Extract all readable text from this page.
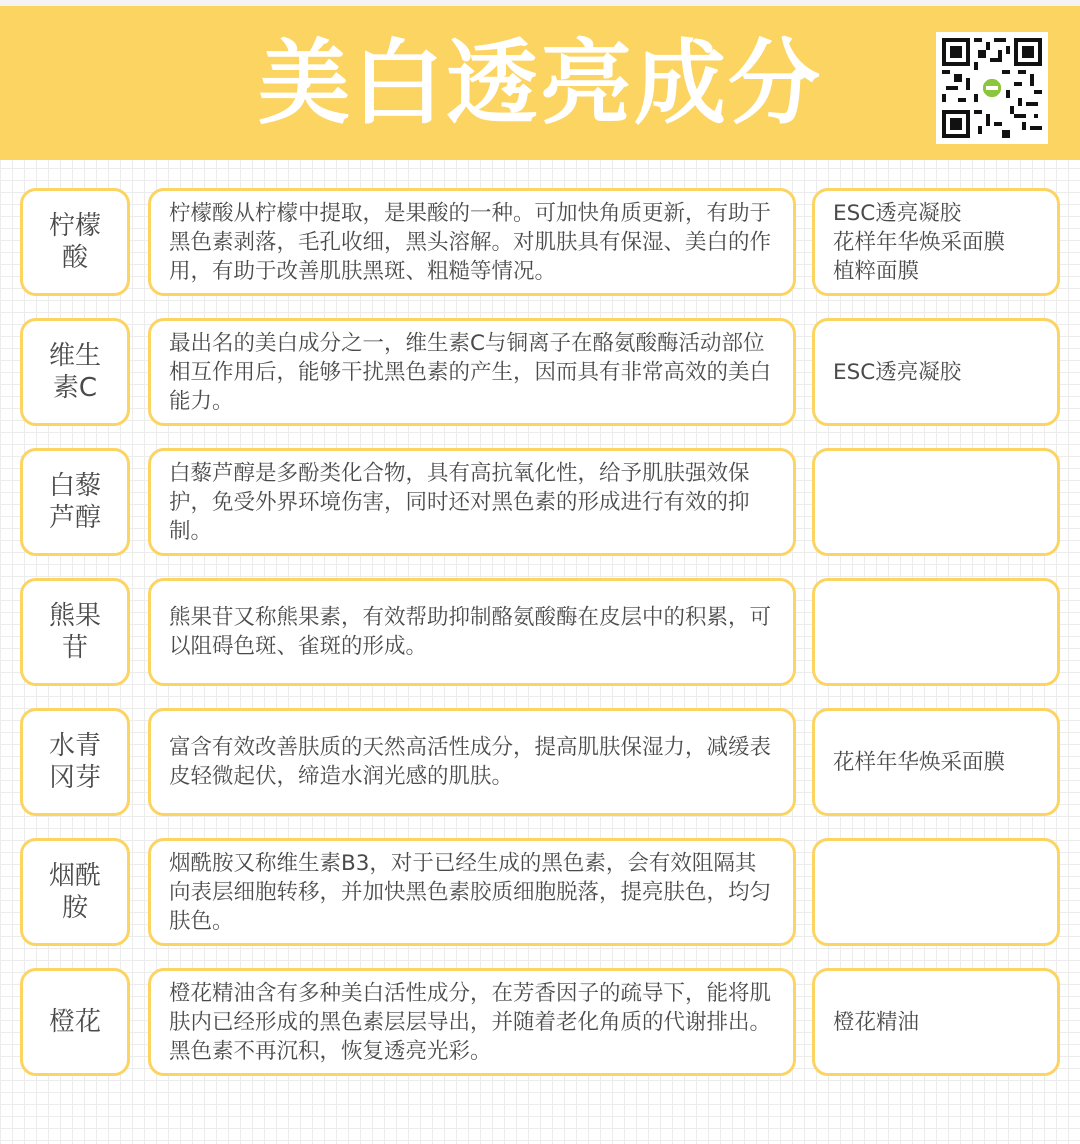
美白透亮成分
柠檬酸
柠檬酸从柠檬中提取，是果酸的一种。可加快角质更新，有助于黑色素剥落，毛孔收细，黑头溶解。对肌肤具有保湿、美白的作用，有助于改善肌肤黑斑、粗糙等情况。
ESC透亮凝胶
花样年华焕采面膜
植粹面膜
维生素C
最出名的美白成分之一，维生素C与铜离子在酪氨酸酶活动部位相互作用后，能够干扰黑色素的产生，因而具有非常高效的美白能力。
ESC透亮凝胶
白藜芦醇
白藜芦醇是多酚类化合物，具有高抗氧化性，给予肌肤强效保护，免受外界环境伤害，同时还对黑色素的形成进行有效的抑制。
熊果苷
熊果苷又称熊果素，有效帮助抑制酪氨酸酶在皮层中的积累，可以阻碍色斑、雀斑的形成。
水青冈芽
富含有效改善肤质的天然高活性成分，提高肌肤保湿力，减缓表皮轻微起伏，缔造水润光感的肌肤。
花样年华焕采面膜
烟酰胺
烟酰胺又称维生素B3，对于已经生成的黑色素，会有效阻隔其向表层细胞转移，并加快黑色素胶质细胞脱落，提亮肤色，均匀肤色。
橙花
橙花精油含有多种美白活性成分，在芳香因子的疏导下，能将肌肤内已经形成的黑色素层层导出，并随着老化角质的代谢排出。黑色素不再沉积，恢复透亮光彩。
橙花精油
